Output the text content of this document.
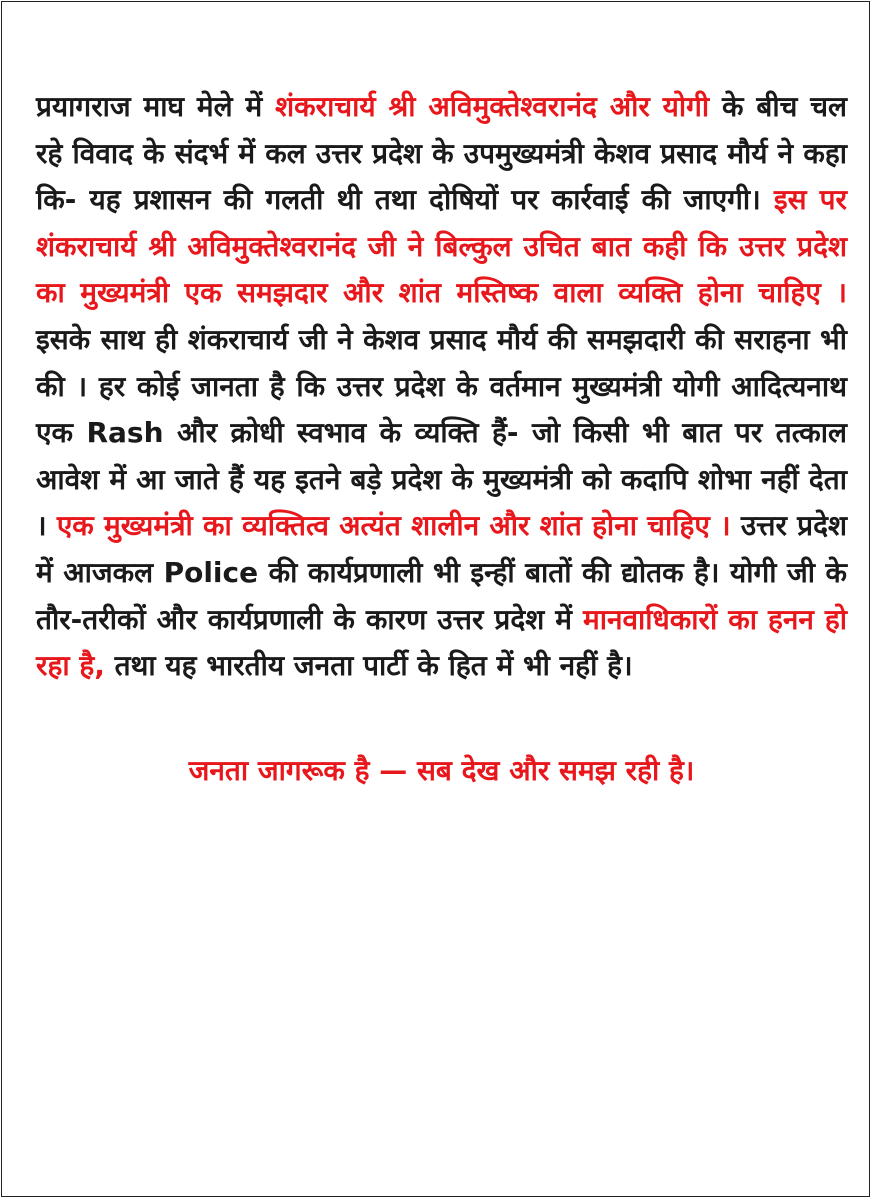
प्रयागराज माघ मेले में शंकराचार्य श्री अविमुक्तेश्वरानंद और योगी के बीच चल रहे विवाद के संदर्भ में कल उत्तर प्रदेश के उपमुख्यमंत्री केशव प्रसाद मौर्य ने कहा कि- यह प्रशासन की गलती थी तथा दोषियों पर कार्रवाई की जाएगी। इस पर शंकराचार्य श्री अविमुक्तेश्वरानंद जी ने बिल्कुल उचित बात कही कि उत्तर प्रदेश का मुख्यमंत्री एक समझदार और शांत मस्तिष्क वाला व्यक्ति होना चाहिए । इसके साथ ही शंकराचार्य जी ने केशव प्रसाद मौर्य की समझदारी की सराहना भी की । हर कोई जानता है कि उत्तर प्रदेश के वर्तमान मुख्यमंत्री योगी आदित्यनाथ एक Rash और क्रोधी स्वभाव के व्यक्ति हैं- जो किसी भी बात पर तत्काल आवेश में आ जाते हैं यह इतने बड़े प्रदेश के मुख्यमंत्री को कदापि शोभा नहीं देता । एक मुख्यमंत्री का व्यक्तित्व अत्यंत शालीन और शांत होना चाहिए । उत्तर प्रदेश में आजकल Police की कार्यप्रणाली भी इन्हीं बातों की द्योतक है। योगी जी के तौर-तरीकों और कार्यप्रणाली के कारण उत्तर प्रदेश में मानवाधिकारों का हनन हो रहा है, तथा यह भारतीय जनता पार्टी के हित में भी नहीं है।

जनता जागरूक है — सब देख और समझ रही है।
